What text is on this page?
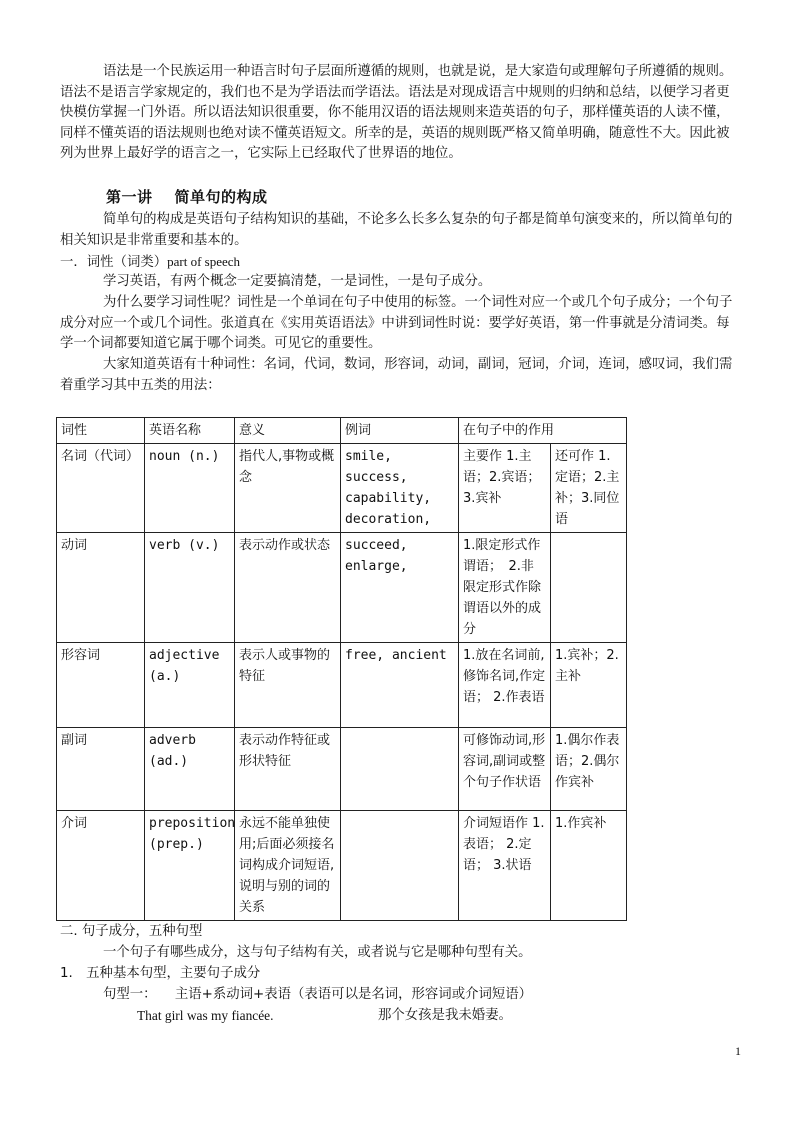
语法是一个民族运用一种语言时句子层面所遵循的规则，也就是说，是大家造句或理解句子所遵循的规则。语法不是语言学家规定的，我们也不是为学语法而学语法。语法是对现成语言中规则的归纳和总结，以便学习者更快模仿掌握一门外语。所以语法知识很重要，你不能用汉语的语法规则来造英语的句子，那样懂英语的人读不懂，同样不懂英语的语法规则也绝对读不懂英语短文。所幸的是，英语的规则既严格又简单明确，随意性不大。因此被列为世界上最好学的语言之一，它实际上已经取代了世界语的地位。

第一讲 简单句的构成

简单句的构成是英语句子结构知识的基础，不论多么长多么复杂的句子都是简单句演变来的，所以简单句的相关知识是非常重要和基本的。

一．词性（词类）part of speech

学习英语，有两个概念一定要搞清楚，一是词性，一是句子成分。

为什么要学习词性呢？词性是一个单词在句子中使用的标签。一个词性对应一个或几个句子成分；一个句子成分对应一个或几个词性。张道真在《实用英语语法》中讲到词性时说：要学好英语，第一件事就是分清词类。每学一个词都要知道它属于哪个词类。可见它的重要性。

大家知道英语有十种词性：名词，代词，数词，形容词，动词，副词，冠词，介词，连词，感叹词，我们需着重学习其中五类的用法：

词性	英语名称	意义	例词	在句子中的作用	
名词（代词）	noun (n.)	指代人,事物或概念	smile, success, capability, decoration,	主要作 1.主语；2.宾语；3.宾补	还可作 1.定语；2.主补；3.同位语
动词	verb (v.)	表示动作或状态	succeed, enlarge,	1.限定形式作谓语；　2.非限定形式作除谓语以外的成分	
形容词	adjective (a.)	表示人或事物的特征	free, ancient	1.放在名词前,修饰名词,作定语； 2.作表语	1.宾补；2.主补
副词	adverb (ad.)	表示动作特征或形状特征		可修饰动词,形容词,副词或整个句子作状语	1.偶尔作表语；2.偶尔作宾补
介词	preposition (prep.)	永远不能单独使用;后面必须接名词构成介词短语,说明与别的词的关系		介词短语作 1.表语； 2.定语； 3.状语	1.作宾补
二. 句子成分，五种句型

一个句子有哪些成分，这与句子结构有关，或者说与它是哪种句型有关。

1.　五种基本句型，主要句子成分
句型一： 主语+系动词+表语（表语可以是名词，形容词或介词短语）
That girl was my fiancée.	那个女孩是我未婚妻。
1
